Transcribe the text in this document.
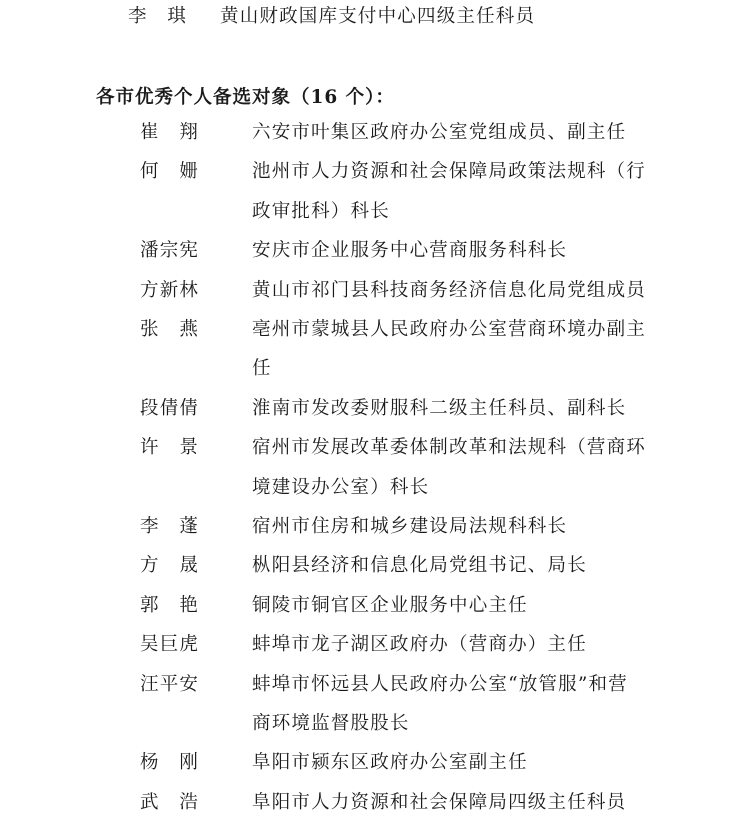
李　琪 黄山财政国库支付中心四级主任科员
各市优秀个人备选对象（16 个）：
崔　翔	六安市叶集区政府办公室党组成员、副主任
何　姗	池州市人力资源和社会保障局政策法规科（行
政审批科）科长
潘宗宪	安庆市企业服务中心营商服务科科长
方新林	黄山市祁门县科技商务经济信息化局党组成员
张　燕	亳州市蒙城县人民政府办公室营商环境办副主
任
段倩倩	淮南市发改委财服科二级主任科员、副科长
许　景	宿州市发展改革委体制改革和法规科（营商环
境建设办公室）科长
李　蓬	宿州市住房和城乡建设局法规科科长
方　晟	枞阳县经济和信息化局党组书记、局长
郭　艳	铜陵市铜官区企业服务中心主任
吴巨虎	蚌埠市龙子湖区政府办（营商办）主任
汪平安	蚌埠市怀远县人民政府办公室“放管服”和营
商环境监督股股长
杨　刚	阜阳市颍东区政府办公室副主任
武　浩	阜阳市人力资源和社会保障局四级主任科员
